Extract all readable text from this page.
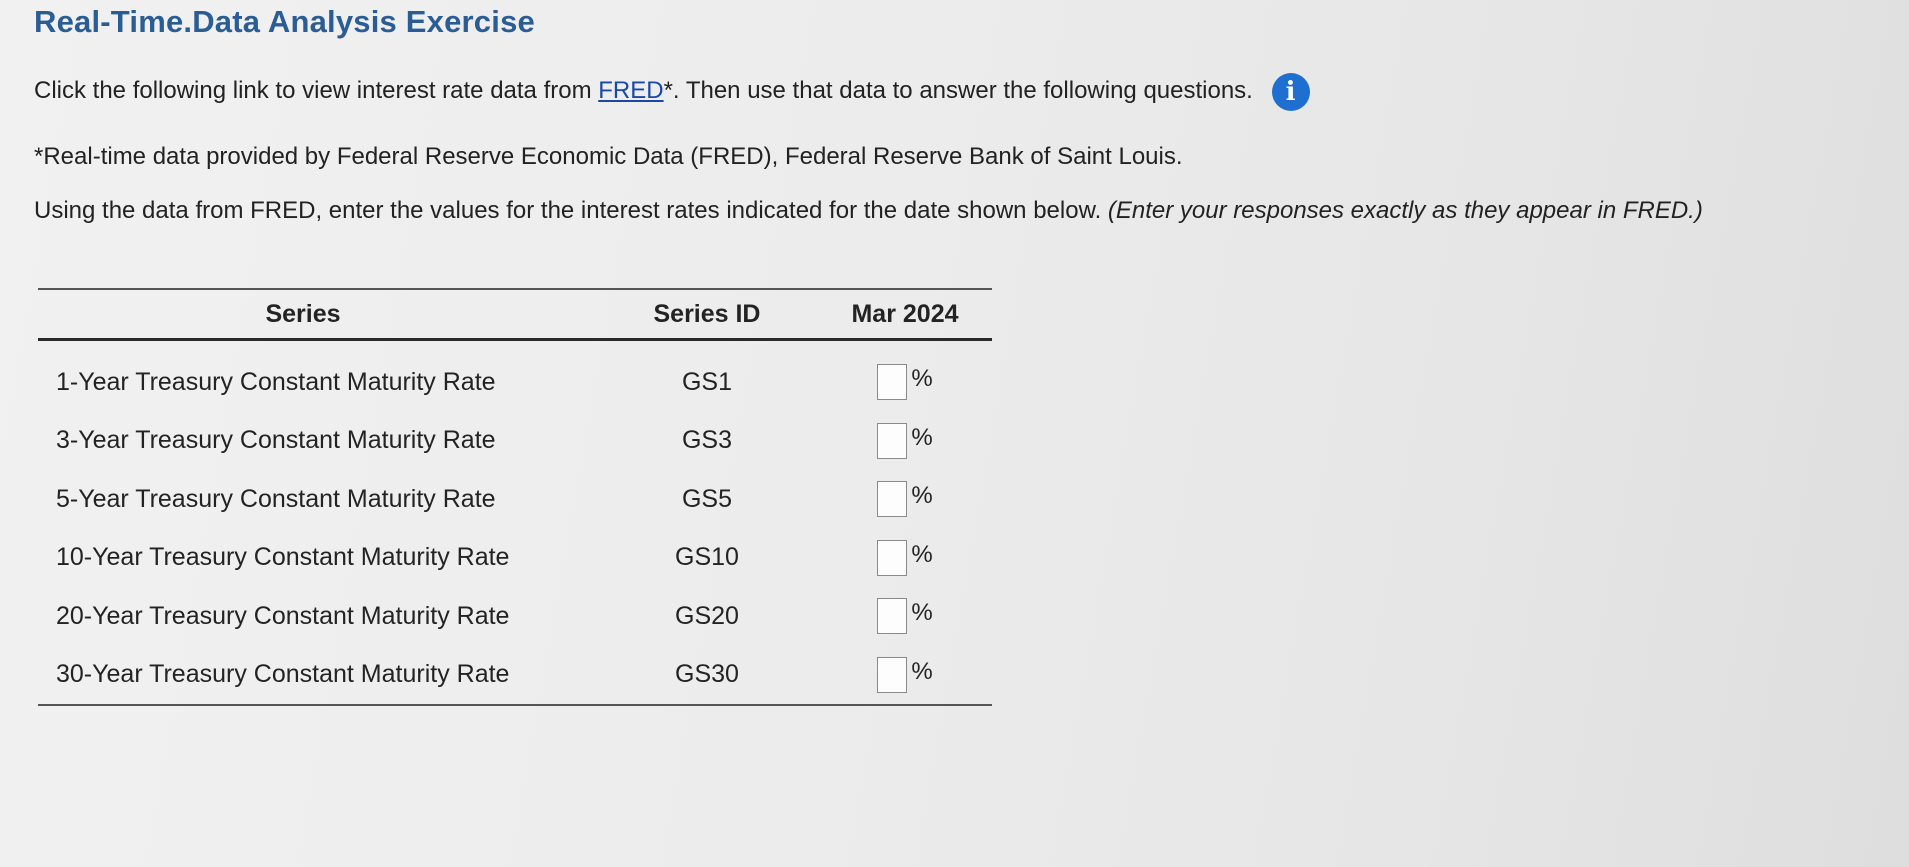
Real-Time.Data Analysis Exercise
Click the following link to view interest rate data from FRED*. Then use that data to answer the following questions. i
*Real-time data provided by Federal Reserve Economic Data (FRED), Federal Reserve Bank of Saint Louis.
Using the data from FRED, enter the values for the interest rates indicated for the date shown below. (Enter your responses exactly as they appear in FRED.)
Series	Series ID	Mar 2024
1-Year Treasury Constant Maturity Rate	GS1	%
3-Year Treasury Constant Maturity Rate	GS3	%
5-Year Treasury Constant Maturity Rate	GS5	%
10-Year Treasury Constant Maturity Rate	GS10	%
20-Year Treasury Constant Maturity Rate	GS20	%
30-Year Treasury Constant Maturity Rate	GS30	%
